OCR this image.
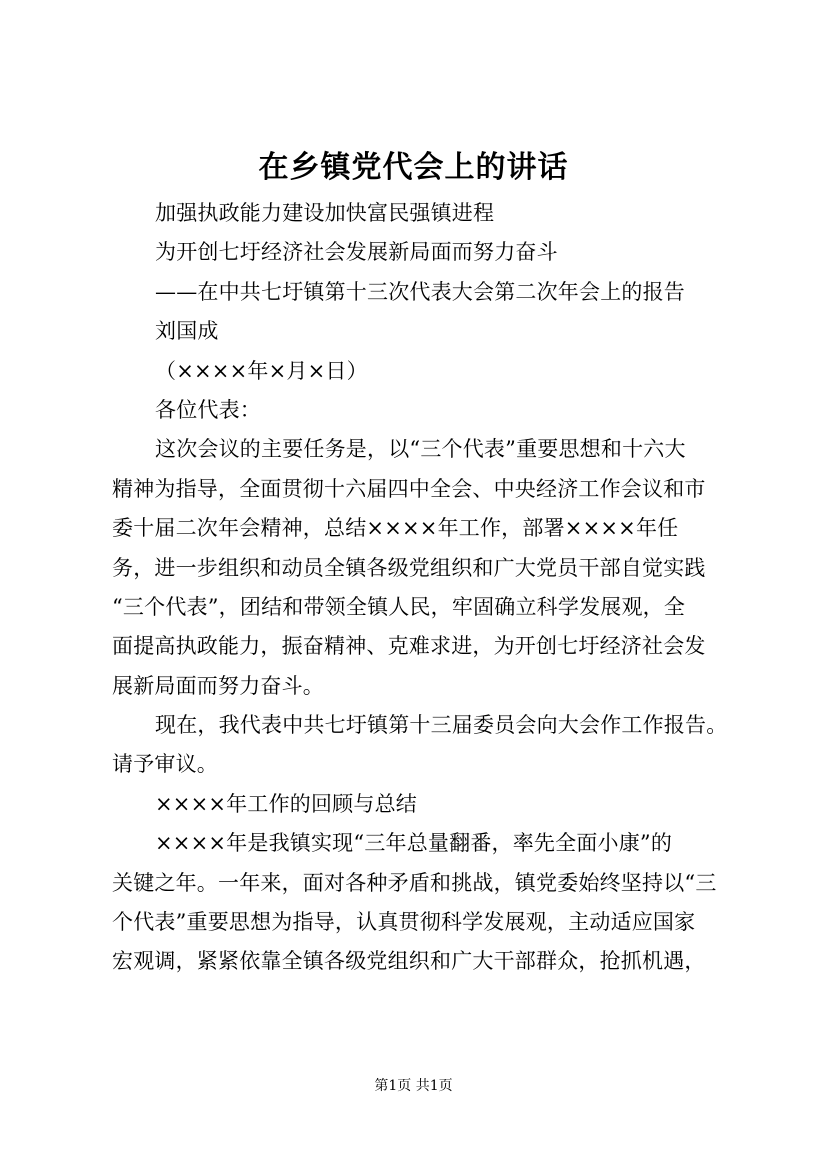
在乡镇党代会上的讲话
加强执政能力建设加快富民强镇进程
为开创七圩经济社会发展新局面而努力奋斗
——在中共七圩镇第十三次代表大会第二次年会上的报告
刘国成
（××××年×月×日）
各位代表：
这次会议的主要任务是，以“三个代表”重要思想和十六大
精神为指导，全面贯彻十六届四中全会、中央经济工作会议和市
委十届二次年会精神，总结××××年工作，部署××××年任
务，进一步组织和动员全镇各级党组织和广大党员干部自觉实践
“三个代表”，团结和带领全镇人民，牢固确立科学发展观，全
面提高执政能力，振奋精神、克难求进，为开创七圩经济社会发
展新局面而努力奋斗。
现在，我代表中共七圩镇第十三届委员会向大会作工作报告。
请予审议。
××××年工作的回顾与总结
××××年是我镇实现“三年总量翻番，率先全面小康”的
关键之年。一年来，面对各种矛盾和挑战，镇党委始终坚持以“三
个代表”重要思想为指导，认真贯彻科学发展观，主动适应国家
宏观调，紧紧依靠全镇各级党组织和广大干部群众，抢抓机遇，
第1页 共1页
